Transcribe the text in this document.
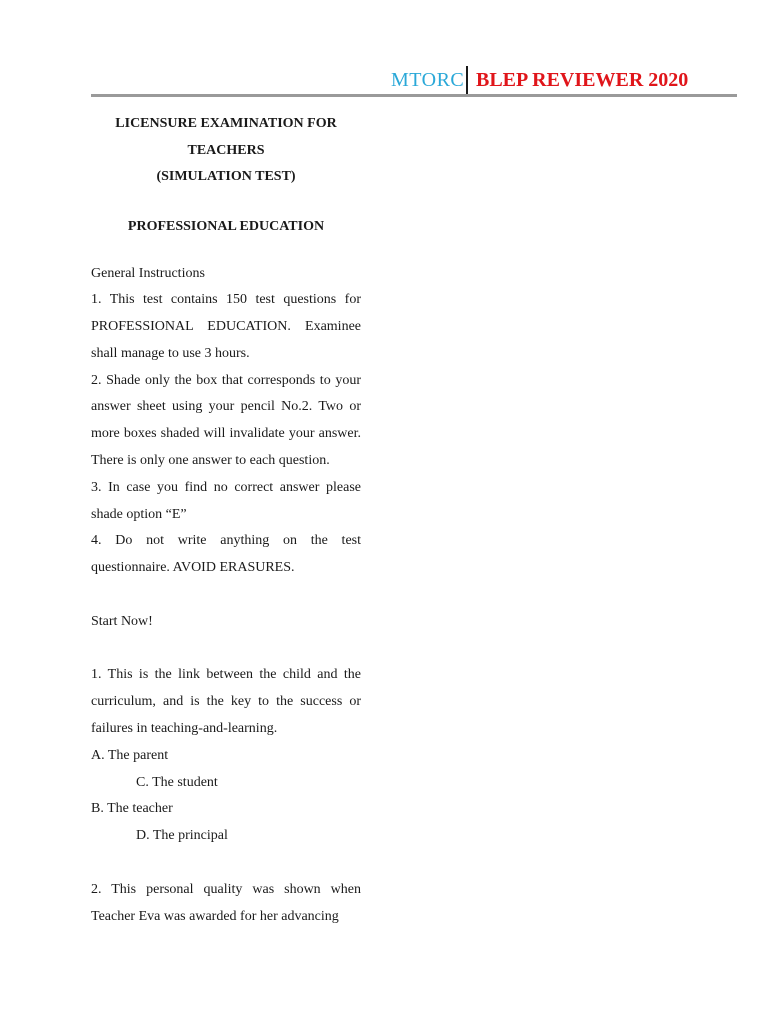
MTORC BLEP REVIEWER 2020
LICENSURE EXAMINATION FOR
TEACHERS
(SIMULATION TEST)
PROFESSIONAL EDUCATION
General Instructions
1. This test contains 150 test questions for PROFESSIONAL EDUCATION. Examinee shall manage to use 3 hours.
2. Shade only the box that corresponds to your answer sheet using your pencil No.2. Two or more boxes shaded will invalidate your answer. There is only one answer to each question.
3. In case you find no correct answer please shade option “E”
4. Do not write anything on the test questionnaire. AVOID ERASURES.
Start Now!
1. This is the link between the child and the curriculum, and is the key to the success or failures in teaching-and-learning.
A. The parent
C. The student
B. The teacher
D. The principal
2. This personal quality was shown when Teacher Eva was awarded for her advancing
